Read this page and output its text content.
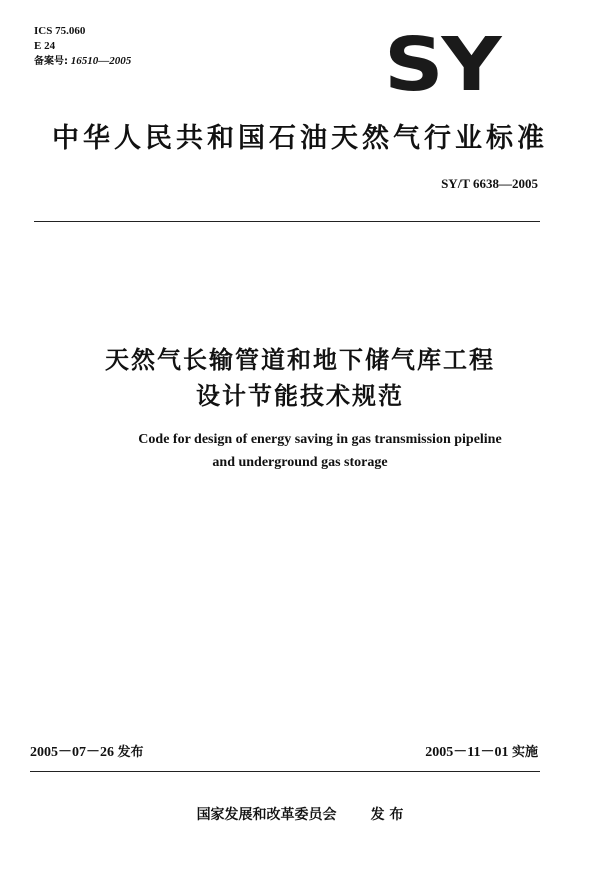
ICS 75.060
E 24
备案号: 16510—2005	SY
中华人民共和国石油天然气行业标准
SY/T 6638—2005
天然气长输管道和地下储气库工程
设计节能技术规范
Code for design of energy saving in gas transmission pipeline
and underground gas storage
2005－07－26 发布	2005－11－01 实施
国家发展和改革委员会 发 布
